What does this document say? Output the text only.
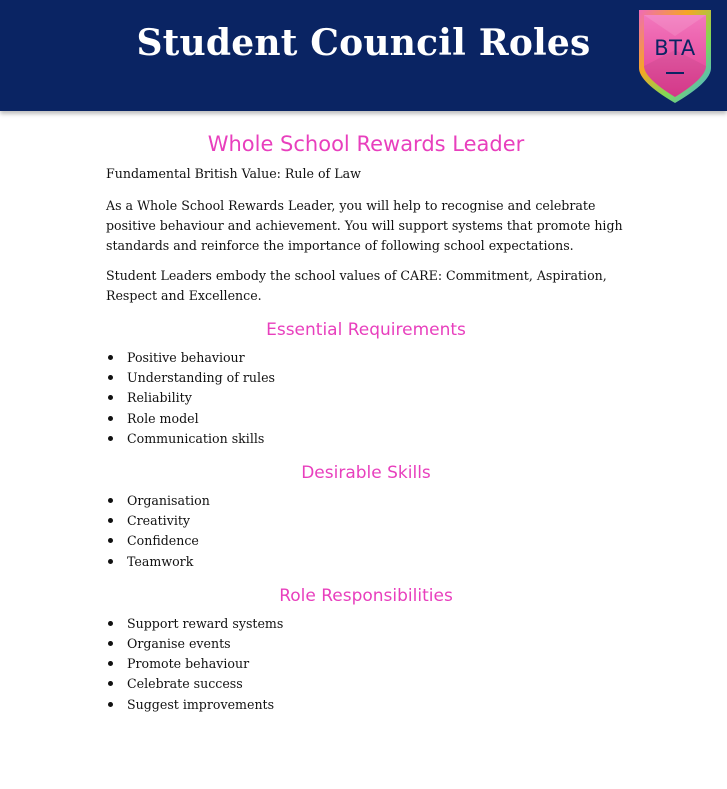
Student Council Roles	BTA
Whole School Rewards Leader

Fundamental British Value: Rule of Law

As a Whole School Rewards Leader, you will help to recognise and celebrate positive behaviour and achievement. You will support systems that promote high standards and reinforce the importance of following school expectations.

Student Leaders embody the school values of CARE: Commitment, Aspiration, Respect and Excellence.

Essential Requirements
Positive behaviour
Understanding of rules
Reliability
Role model
Communication skills
Desirable Skills
Organisation
Creativity
Confidence
Teamwork
Role Responsibilities
Support reward systems
Organise events
Promote behaviour
Celebrate success
Suggest improvements
